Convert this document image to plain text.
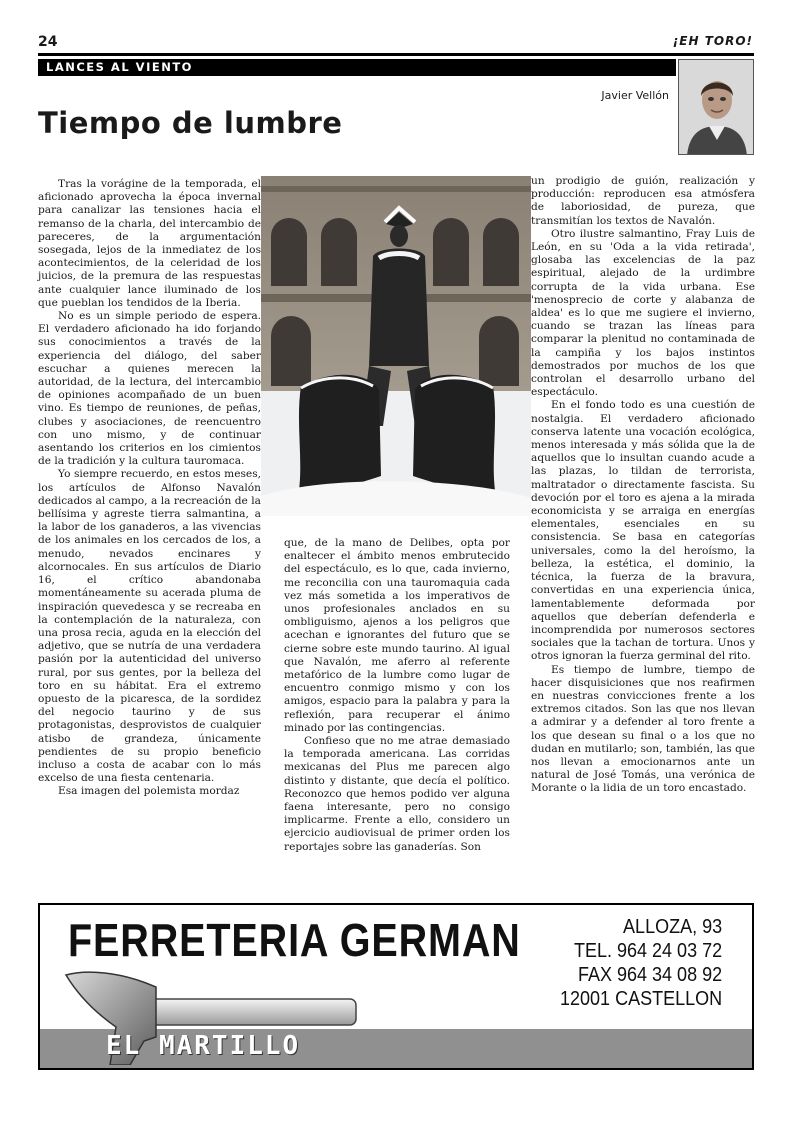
24	¡EH TORO!
LANCES AL VIENTO
Javier Vellón
Tiempo de lumbre

Tras la vorágine de la temporada, el aficionado aprovecha la época invernal para canalizar las tensiones hacia el remanso de la charla, del intercambio de pareceres, de la argumentación sosegada, lejos de la inmediatez de los acontecimientos, de la celeridad de los juicios, de la premura de las respuestas ante cualquier lance iluminado de los que pueblan los tendidos de la Iberia.

No es un simple periodo de espera. El verdadero aficionado ha ido forjando sus conocimientos a través de la experiencia del diálogo, del saber escuchar a quienes merecen la autoridad, de la lectura, del intercambio de opiniones acompañado de un buen vino. Es tiempo de reuniones, de peñas, clubes y asociaciones, de reencuentro con uno mismo, y de continuar asentando los criterios en los cimientos de la tradición y la cultura tauromaca.

Yo siempre recuerdo, en estos meses, los artículos de Alfonso Navalón dedicados al campo, a la recreación de la bellísima y agreste tierra salmantina, a la labor de los ganaderos, a las vivencias de los animales en los cercados de los, a menudo, nevados encinares y alcornocales. En sus artículos de Diario 16, el crítico abandonaba momentáneamente su acerada pluma de inspiración quevedesca y se recreaba en la contemplación de la naturaleza, con una prosa recia, aguda en la elección del adjetivo, que se nutría de una verdadera pasión por la autenticidad del universo rural, por sus gentes, por la belleza del toro en su hábitat. Era el extremo opuesto de la picaresca, de la sordidez del negocio taurino y de sus protagonistas, desprovistos de cualquier atisbo de grandeza, únicamente pendientes de su propio beneficio incluso a costa de acabar con lo más excelso de una fiesta centenaria.

Esa imagen del polemista mordaz

que, de la mano de Delibes, opta por enaltecer el ámbito menos embrutecido del espectáculo, es lo que, cada invierno, me reconcilia con una tauromaquia cada vez más sometida a los imperativos de unos profesionales anclados en su ombliguismo, ajenos a los peligros que acechan e ignorantes del futuro que se cierne sobre este mundo taurino. Al igual que Navalón, me aferro al referente metafórico de la lumbre como lugar de encuentro conmigo mismo y con los amigos, espacio para la palabra y para la reflexión, para recuperar el ánimo minado por las contingencias.

Confieso que no me atrae demasiado la temporada americana. Las corridas mexicanas del Plus me parecen algo distinto y distante, que decía el político. Reconozco que hemos podido ver alguna faena interesante, pero no consigo implicarme. Frente a ello, considero un ejercicio audiovisual de primer orden los reportajes sobre las ganaderías. Son

un prodigio de guión, realización y producción: reproducen esa atmósfera de laboriosidad, de pureza, que transmitían los textos de Navalón.

Otro ilustre salmantino, Fray Luis de León, en su 'Oda a la vida retirada', glosaba las excelencias de la paz espiritual, alejado de la urdimbre corrupta de la vida urbana. Ese 'menosprecio de corte y alabanza de aldea' es lo que me sugiere el invierno, cuando se trazan las líneas para comparar la plenitud no contaminada de la campiña y los bajos instintos demostrados por muchos de los que controlan el desarrollo urbano del espectáculo.

En el fondo todo es una cuestión de nostalgia. El verdadero aficionado conserva latente una vocación ecológica, menos interesada y más sólida que la de aquellos que lo insultan cuando acude a las plazas, lo tildan de terrorista, maltratador o directamente fascista. Su devoción por el toro es ajena a la mirada economicista y se arraiga en energías elementales, esenciales en su consistencia. Se basa en categorías universales, como la del heroísmo, la belleza, la estética, el dominio, la técnica, la fuerza de la bravura, convertidas en una experiencia única, lamentablemente deformada por aquellos que deberían defenderla e incomprendida por numerosos sectores sociales que la tachan de tortura. Unos y otros ignoran la fuerza germinal del rito.

Es tiempo de lumbre, tiempo de hacer disquisiciones que nos reafirmen en nuestras convicciones frente a los extremos citados. Son las que nos llevan a admirar y a defender al toro frente a los que desean su final o a los que no dudan en mutilarlo; son, también, las que nos llevan a emocionarnos ante un natural de José Tomás, una verónica de Morante o la lidia de un toro encastado.

FERRETERIA GERMAN	ALLOZA, 93
TEL. 964 24 03 72
FAX 964 34 08 92
12001 CASTELLON
EL MARTILLO
